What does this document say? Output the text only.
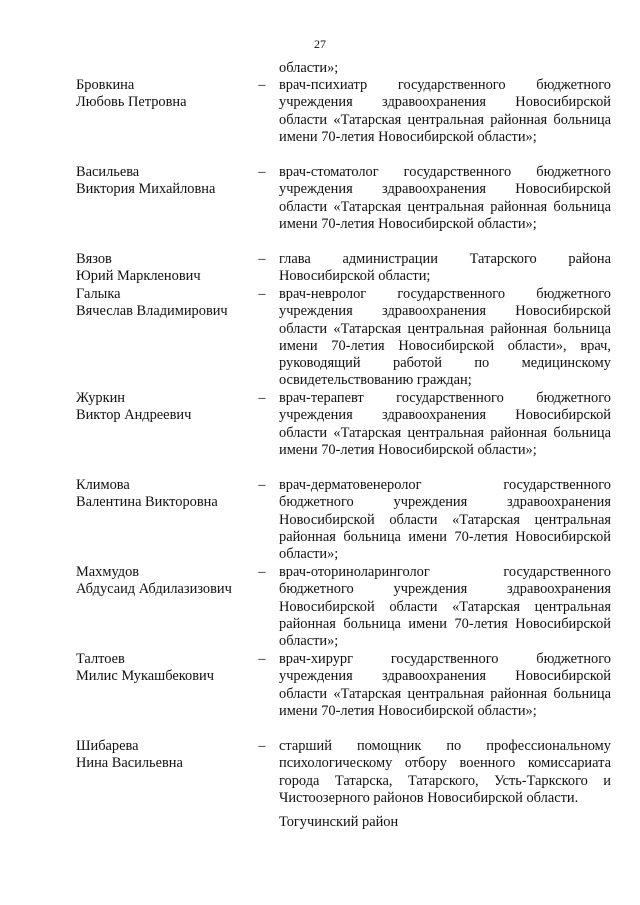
27
области»;
Бровкина
Любовь Петровна
– врач-психиатр государственного бюджетного учреждения здравоохранения Новосибирской области «Татарская центральная районная больница имени 70-летия Новосибирской области»;
Васильева
Виктория Михайловна
– врач-стоматолог государственного бюджетного учреждения здравоохранения Новосибирской области «Татарская центральная районная больница имени 70-летия Новосибирской области»;
Вязов
Юрий Маркленович
– глава администрации Татарского района Новосибирской области;
Галыка
Вячеслав Владимирович
– врач-невролог государственного бюджетного учреждения здравоохранения Новосибирской области «Татарская центральная районная больница имени 70-летия Новосибирской области», врач, руководящий работой по медицинскому освидетельствованию граждан;
Журкин
Виктор Андреевич
– врач-терапевт государственного бюджетного учреждения здравоохранения Новосибирской области «Татарская центральная районная больница имени 70-летия Новосибирской области»;
Климова
Валентина Викторовна
– врач-дерматовенеролог государственного бюджетного учреждения здравоохранения Новосибирской области «Татарская центральная районная больница имени 70-летия Новосибирской области»;
Махмудов
Абдусаид Абдилазизович
– врач-оториноларинголог государственного бюджетного учреждения здравоохранения Новосибирской области «Татарская центральная районная больница имени 70-летия Новосибирской области»;
Талтоев
Милис Мукашбекович
– врач-хирург государственного бюджетного учреждения здравоохранения Новосибирской области «Татарская центральная районная больница имени 70-летия Новосибирской области»;
Шибарева
Нина Васильевна
– старший помощник по профессиональному психологическому отбору военного комиссариата города Татарска, Татарского, Усть-Таркского и Чистоозерного районов Новосибирской области.
Тогучинский район
